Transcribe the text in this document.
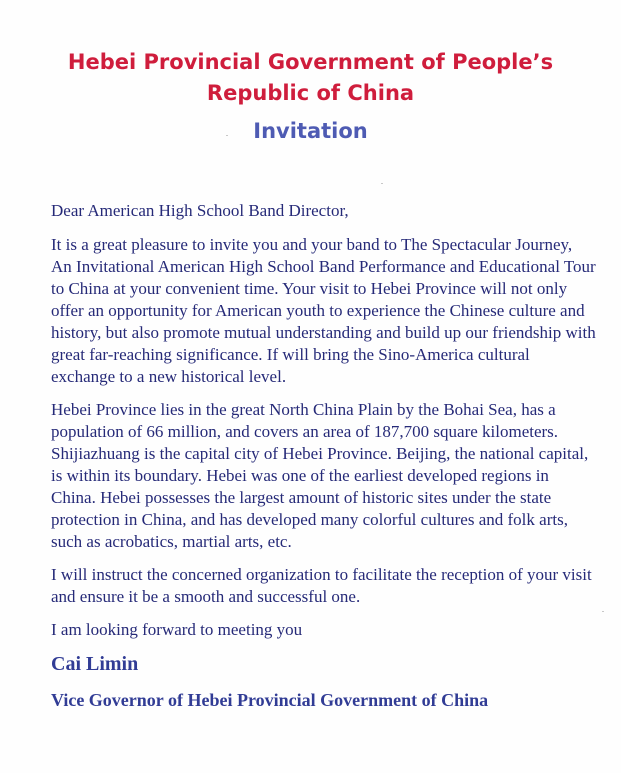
Hebei Provincial Government of People’s
Republic of China
Invitation

Dear American High School Band Director,

It is a great pleasure to invite you and your band to The Spectacular Journey, An Invitational American High School Band Performance and Educational Tour to China at your convenient time. Your visit to Hebei Province will not only offer an opportunity for American youth to experience the Chinese culture and history, but also promote mutual understanding and build up our friendship with great far-reaching significance. If will bring the Sino-America cultural exchange to a new historical level.

Hebei Province lies in the great North China Plain by the Bohai Sea, has a population of 66 million, and covers an area of 187,700 square kilometers. Shijiazhuang is the capital city of Hebei Province. Beijing, the national capital, is within its boundary. Hebei was one of the earliest developed regions in China. Hebei possesses the largest amount of historic sites under the state protection in China, and has developed many colorful cultures and folk arts, such as acrobatics, martial arts, etc.

I will instruct the concerned organization to facilitate the reception of your visit and ensure it be a smooth and successful one.

I am looking forward to meeting you

Cai Limin
Vice Governor of Hebei Provincial Government of China
